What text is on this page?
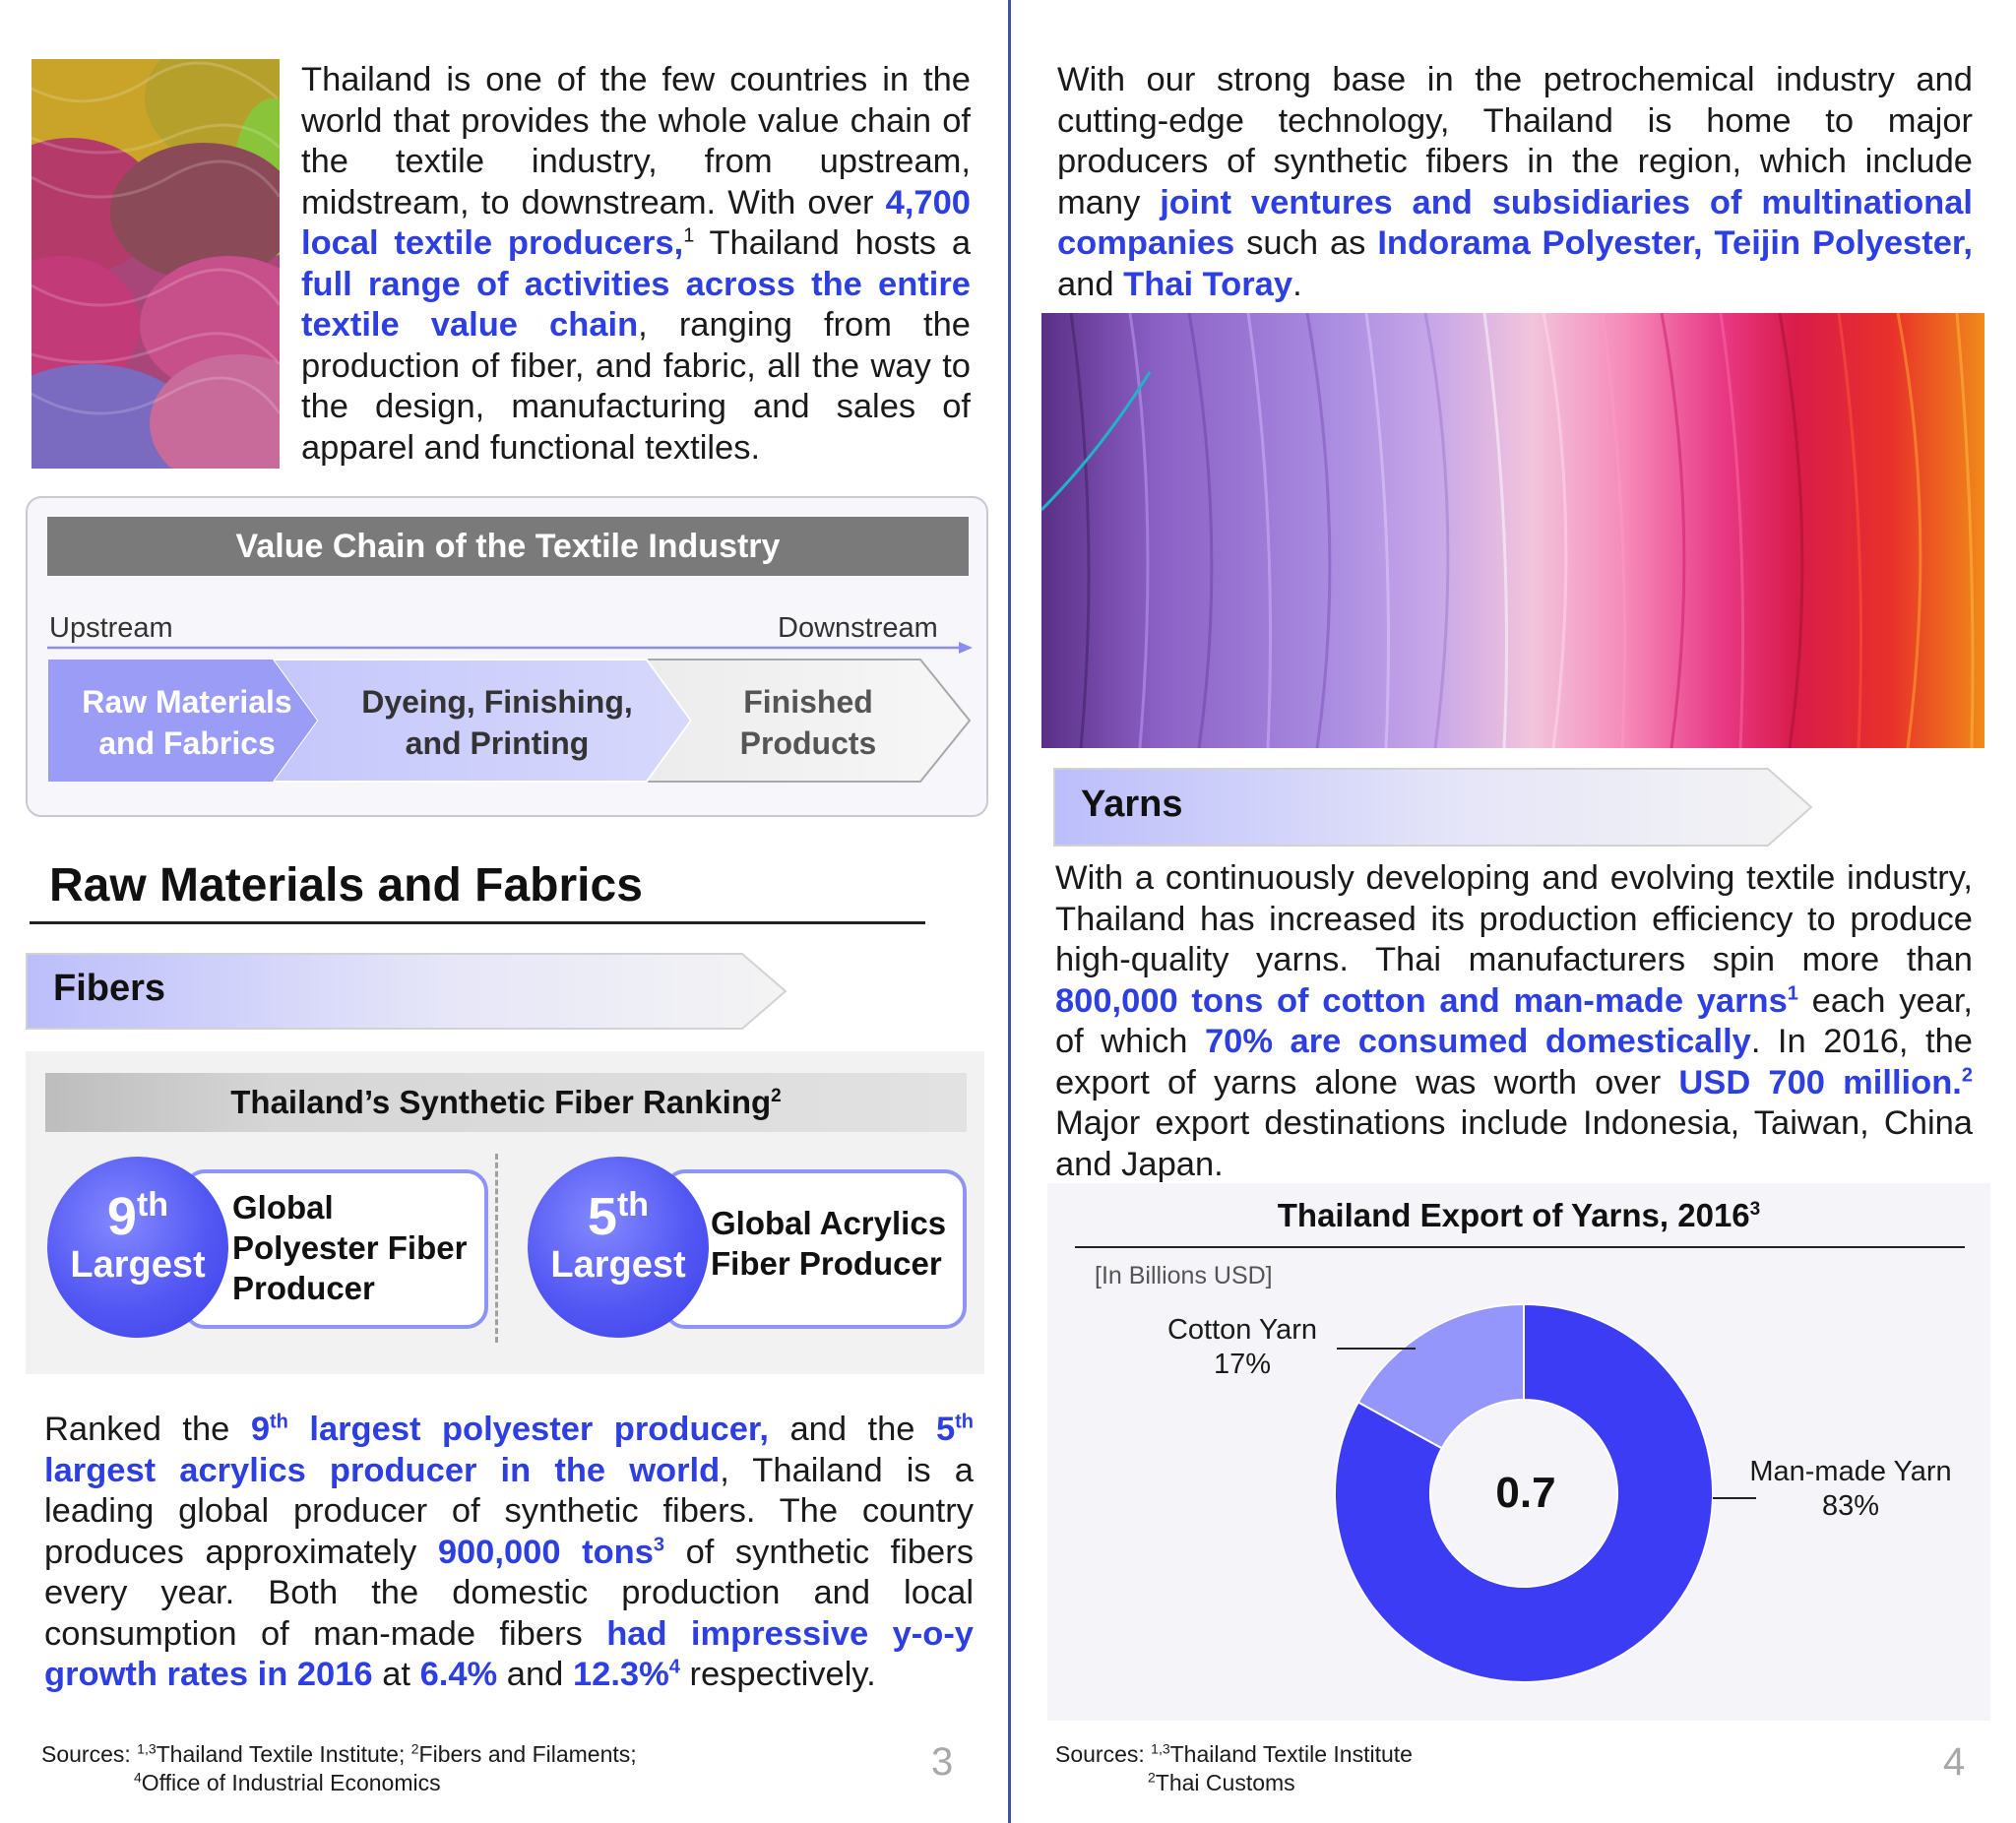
Thailand is one of the few countries in the world that provides the whole value chain of the textile industry, from upstream, midstream, to downstream. With over 4,700 local textile producers,$^1$ Thailand hosts a full range of activities across the entire textile value chain, ranging from the production of fiber, and fabric, all the way to the design, manufacturing and sales of apparel and functional textiles.
Value Chain of the Textile Industry
Upstream	Downstream
Raw Materials
and Fabrics
Dyeing, Finishing,
and Printing
Finished
Products
Raw Materials and Fabrics
Fibers
Thailand’s Synthetic Fiber Ranking$^2$
9th
Largest
Global
Polyester Fiber
Producer
5th
Largest
Global Acrylics
Fiber Producer
Ranked the 9th largest polyester producer, and the 5th largest acrylics producer in the world, Thailand is a leading global producer of synthetic fibers. The country produces approximately 900,000 tons$^3$ of synthetic fibers every year. Both the domestic production and local consumption of man-made fibers had impressive y-o-y growth rates in 2016 at 6.4% and 12.3%$^4$ respectively.
Sources: $^{1,3}$Thailand Textile Institute; $^2$Fibers and Filaments;
$^4$Office of Industrial Economics	3
With our strong base in the petrochemical industry and cutting-edge technology, Thailand is home to major producers of synthetic fibers in the region, which include many joint ventures and subsidiaries of multinational companies such as Indorama Polyester, Teijin Polyester, and Thai Toray.
Yarns
With a continuously developing and evolving textile industry, Thailand has increased its production efficiency to produce high-quality yarns. Thai manufacturers spin more than 800,000 tons of cotton and man-made yarns$^1$ each year, of which 70% are consumed domestically. In 2016, the export of yarns alone was worth over USD 700 million.$^2$ Major export destinations include Indonesia, Taiwan, China and Japan.
Thailand Export of Yarns, 2016$^3$
[In Billions USD]
0.7
Cotton Yarn
17%
Man-made Yarn
83%
Sources: $^{1,3}$Thailand Textile Institute
$^2$Thai Customs	4
